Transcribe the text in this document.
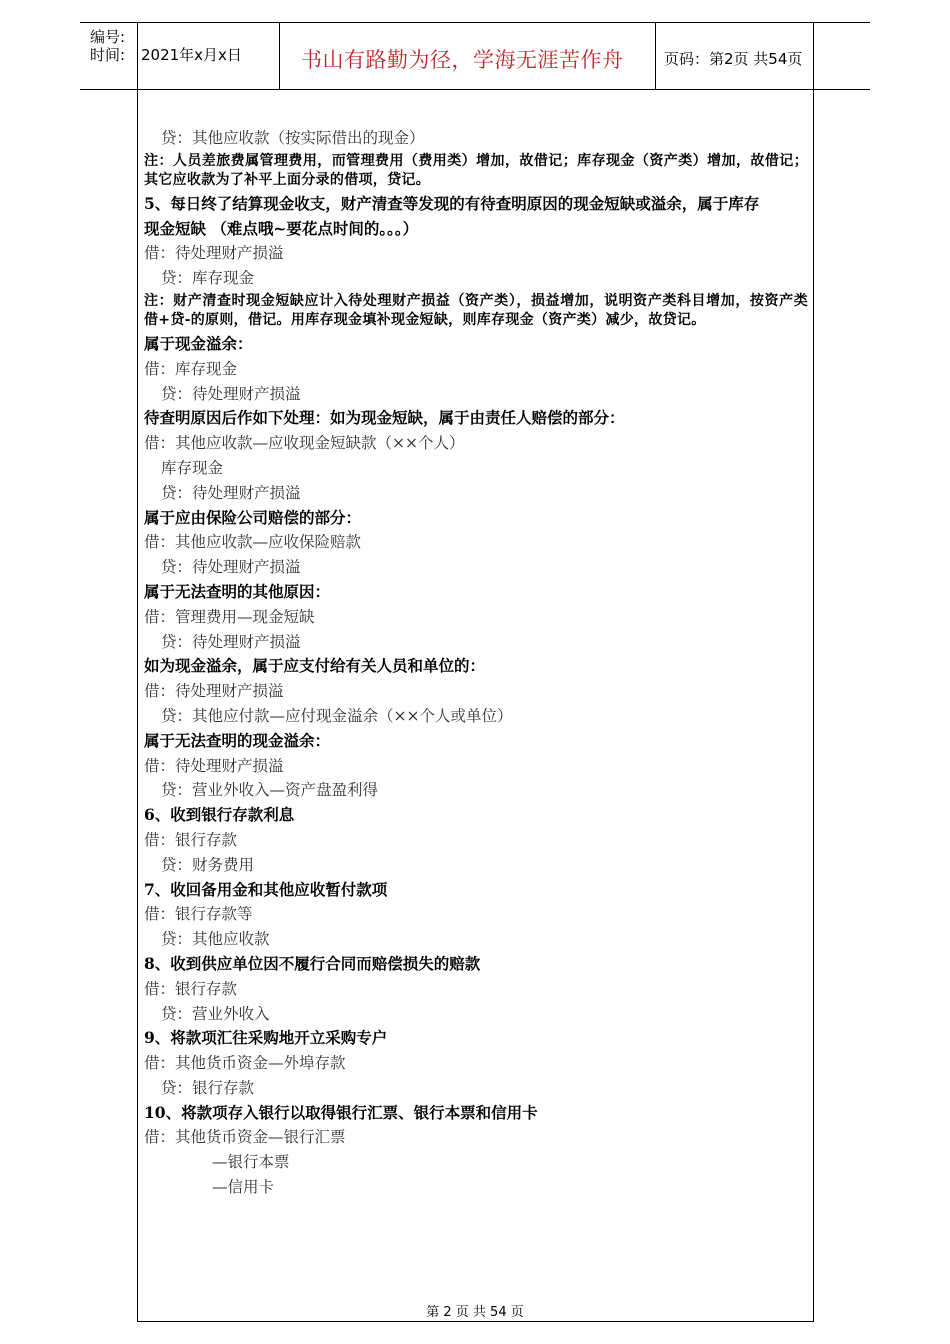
编号:
时间: 2021年x月x日	书山有路勤为径，学海无涯苦作舟	页码：第2页 共54页
贷：其他应收款（按实际借出的现金）
注：人员差旅费属管理费用，而管理费用（费用类）增加，故借记；库存现金（资产类）增加，故借记；其它应收款为了补平上面分录的借项，贷记。
5、每日终了结算现金收支，财产清查等发现的有待查明原因的现金短缺或溢余，属于库存
现金短缺 （难点哦~要花点时间的。。。）
借：待处理财产损溢
贷：库存现金
注：财产清查时现金短缺应计入待处理财产损益（资产类），损益增加，说明资产类科目增加，按资产类借+贷-的原则，借记。用库存现金填补现金短缺，则库存现金（资产类）减少，故贷记。
属于现金溢余：
借：库存现金
贷：待处理财产损溢
待查明原因后作如下处理：如为现金短缺，属于由责任人赔偿的部分：
借：其他应收款—应收现金短缺款（××个人）
库存现金
贷：待处理财产损溢
属于应由保险公司赔偿的部分：
借：其他应收款—应收保险赔款
贷：待处理财产损溢
属于无法查明的其他原因：
借：管理费用—现金短缺
贷：待处理财产损溢
如为现金溢余，属于应支付给有关人员和单位的：
借：待处理财产损溢
贷：其他应付款—应付现金溢余（××个人或单位）
属于无法查明的现金溢余：
借：待处理财产损溢
贷：营业外收入—资产盘盈利得
6、收到银行存款利息
借：银行存款
贷：财务费用
7、收回备用金和其他应收暂付款项
借：银行存款等
贷：其他应收款
8、收到供应单位因不履行合同而赔偿损失的赔款
借：银行存款
贷：营业外收入
9、将款项汇往采购地开立采购专户
借：其他货币资金—外埠存款
贷：银行存款
10、将款项存入银行以取得银行汇票、银行本票和信用卡
借：其他货币资金—银行汇票
—银行本票
—信用卡
第 2 页 共 54 页
